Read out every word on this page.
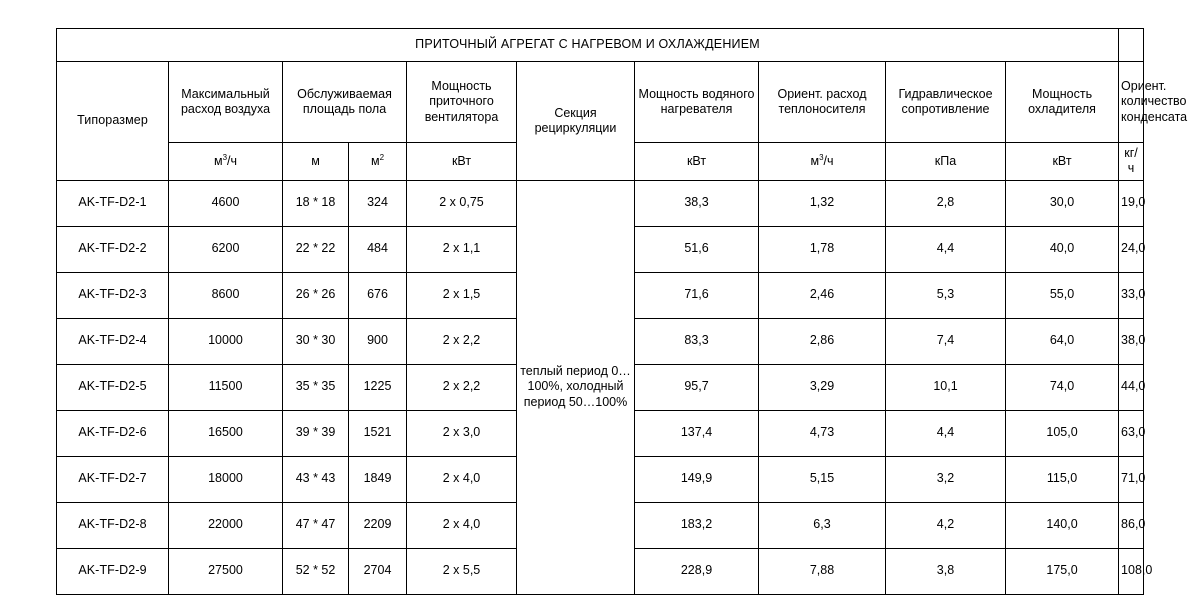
ПРИТОЧНЫЙ АГРЕГАТ С НАГРЕВОМ И ОХЛАЖДЕНИЕМ										
Типоразмер	Максимальный расход воздуха	Обслуживаемая площадь пола		Мощность приточного вентилятора	Секция рециркуляции	Мощность водяного нагревателя	Ориент. расход теплоносителя	Гидравлическое сопротивление	Мощность охладителя	Ориент. количество конденсата
	$м^3/ч$	м	$м^2$	кВт		кВт	$м^3/ч$	кПа	кВт	кг/ч
AK-TF-D2-1	4600	18 * 18	324	2 x 0,75	теплый период 0…100%, холодный период 50…100%	38,3	1,32	2,8	30,0	19,0
AK-TF-D2-2	6200	22 * 22	484	2 x 1,1		51,6	1,78	4,4	40,0	24,0
AK-TF-D2-3	8600	26 * 26	676	2 x 1,5		71,6	2,46	5,3	55,0	33,0
AK-TF-D2-4	10000	30 * 30	900	2 x 2,2		83,3	2,86	7,4	64,0	38,0
AK-TF-D2-5	11500	35 * 35	1225	2 x 2,2		95,7	3,29	10,1	74,0	44,0
AK-TF-D2-6	16500	39 * 39	1521	2 x 3,0		137,4	4,73	4,4	105,0	63,0
AK-TF-D2-7	18000	43 * 43	1849	2 x 4,0		149,9	5,15	3,2	115,0	71,0
AK-TF-D2-8	22000	47 * 47	2209	2 x 4,0		183,2	6,3	4,2	140,0	86,0
AK-TF-D2-9	27500	52 * 52	2704	2 x 5,5		228,9	7,88	3,8	175,0	108,0
